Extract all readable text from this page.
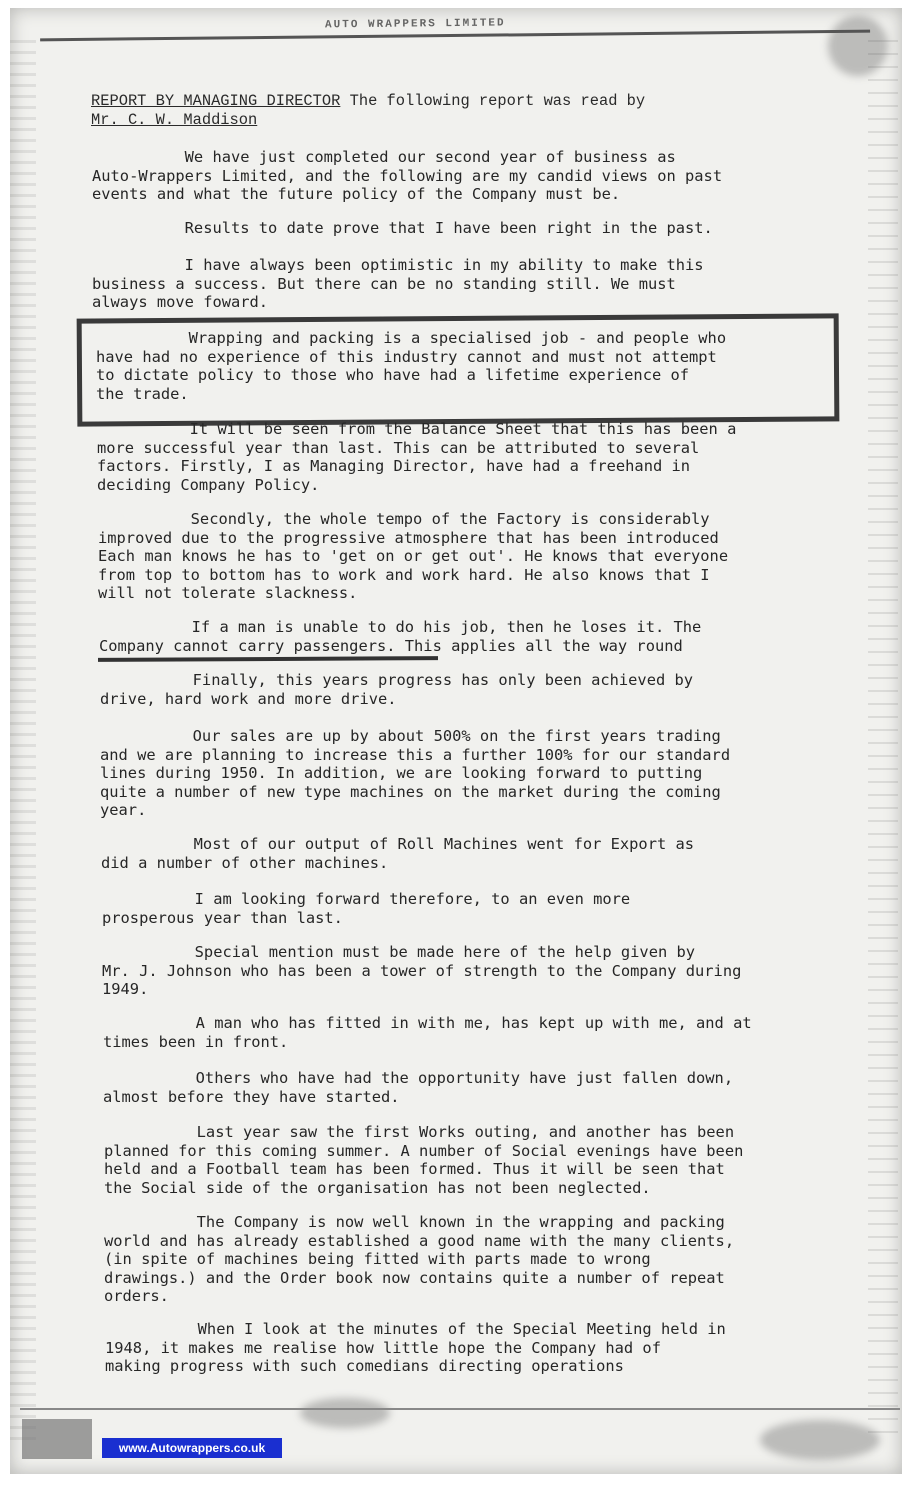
AUTO WRAPPERS LIMITED
REPORT BY MANAGING DIRECTOR The following report was read by
Mr. C. W. Maddison
We have just completed our second year of business as
Auto-Wrappers Limited, and the following are my candid views on past
events and what the future policy of the Company must be.
Results to date prove that I have been right in the past.
I have always been optimistic in my ability to make this
business a success. But there can be no standing still. We must
always move foward.
Wrapping and packing is a specialised job - and people who
have had no experience of this industry cannot and must not attempt
to dictate policy to those who have had a lifetime experience of
the trade.
It will be seen from the Balance Sheet that this has been a
more successful year than last. This can be attributed to several
factors. Firstly, I as Managing Director, have had a freehand in
deciding Company Policy.
Secondly, the whole tempo of the Factory is considerably
improved due to the progressive atmosphere that has been introduced
Each man knows he has to 'get on or get out'. He knows that everyone
from top to bottom has to work and work hard. He also knows that I
will not tolerate slackness.
If a man is unable to do his job, then he loses it. The
Company cannot carry passengers. This applies all the way round
Finally, this years progress has only been achieved by
drive, hard work and more drive.
Our sales are up by about 500% on the first years trading
and we are planning to increase this a further 100% for our standard
lines during 1950. In addition, we are looking forward to putting
quite a number of new type machines on the market during the coming
year.
Most of our output of Roll Machines went for Export as
did a number of other machines.
I am looking forward therefore, to an even more
prosperous year than last.
Special mention must be made here of the help given by
Mr. J. Johnson who has been a tower of strength to the Company during
1949.
A man who has fitted in with me, has kept up with me, and at
times been in front.
Others who have had the opportunity have just fallen down,
almost before they have started.
Last year saw the first Works outing, and another has been
planned for this coming summer. A number of Social evenings have been
held and a Football team has been formed. Thus it will be seen that
the Social side of the organisation has not been neglected.
The Company is now well known in the wrapping and packing
world and has already established a good name with the many clients,
(in spite of machines being fitted with parts made to wrong
drawings.) and the Order book now contains quite a number of repeat
orders.
When I look at the minutes of the Special Meeting held in
1948, it makes me realise how little hope the Company had of
making progress with such comedians directing operations
www.Autowrappers.co.uk
